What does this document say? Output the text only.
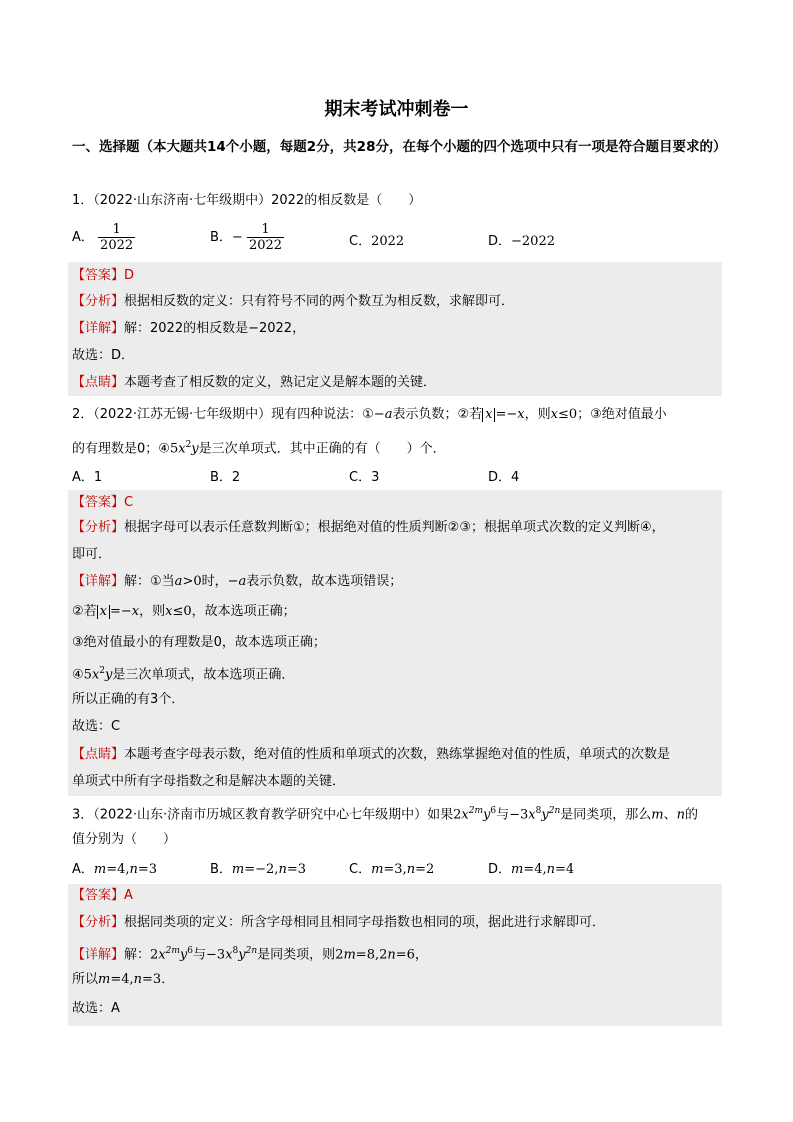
期末考试冲刺卷一
一、选择题（本大题共14个小题，每题2分，共28分，在每个小题的四个选项中只有一项是符合题目要求的）
1．（2022·山东济南·七年级期中）2022的相反数是（　　）
A． $\frac{1}{2022}$	B．− $\frac{1}{2022}$	C．2022	D．−2022
【答案】D
【分析】根据相反数的定义：只有符号不同的两个数互为相反数，求解即可．
【详解】解：2022的相反数是−2022，
故选：D．
【点睛】本题考查了相反数的定义，熟记定义是解本题的关键．
2．（2022·江苏无锡·七年级期中）现有四种说法：①−a表示负数；②若 x =−x，则x≤0；③绝对值最小
的有理数是0；$④5x^2y$是三次单项式．其中正确的有（　　）个．
A．1	B．2	C．3	D．4
【答案】C
【分析】根据字母可以表示任意数判断①；根据绝对值的性质判断②③；根据单项式次数的定义判断④，
即可．
【详解】解：①当a>0时，−a表示负数，故本选项错误；
②若 x =−x，则x≤0，故本选项正确；
③绝对值最小的有理数是0，故本选项正确；
$④5x^2y$是三次单项式，故本选项正确．
所以正确的有3个．
故选：C
【点睛】本题考查字母表示数，绝对值的性质和单项式的次数，熟练掌握绝对值的性质，单项式的次数是
单项式中所有字母指数之和是解决本题的关键．
3．（2022·山东·济南市历城区教育教学研究中心七年级期中）如果$2x^{2m}y^6$与$-3x^8y^{2n}$是同类项，那么m、n的
值分别为（　　）
A．m=4,n=3	B．m=−2,n=3	C．m=3,n=2	D．m=4,n=4
【答案】A
【分析】根据同类项的定义：所含字母相同且相同字母指数也相同的项，据此进行求解即可．
【详解】解：$2x^{2m}y^6$与$-3x^8y^{2n}$是同类项，则2m=8,2n=6，
所以m=4,n=3．
故选：A
